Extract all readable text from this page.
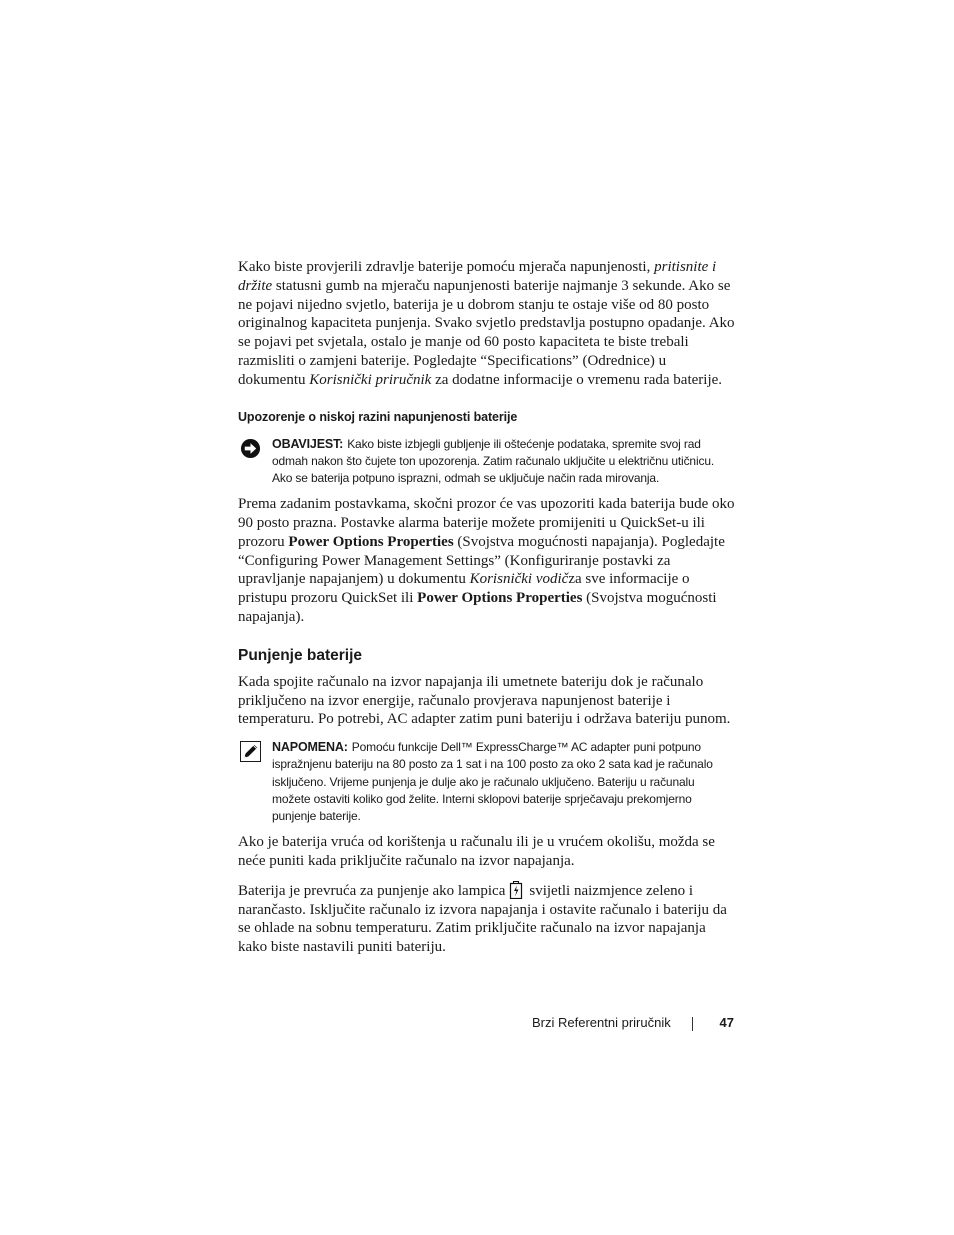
Kako biste provjerili zdravlje baterije pomoću mjerača napunjenosti, pritisnite i držite statusni gumb na mjeraču napunjenosti baterije najmanje 3 sekunde. Ako se ne pojavi nijedno svjetlo, baterija je u dobrom stanju te ostaje više od 80 posto originalnog kapaciteta punjenja. Svako svjetlo predstavlja postupno opadanje. Ako se pojavi pet svjetala, ostalo je manje od 60 posto kapaciteta te biste trebali razmisliti o zamjeni baterije. Pogledajte “Specifications” (Odrednice) u dokumentu Korisnički priručnik za dodatne informacije o vremenu rada baterije.

Upozorenje o niskoj razini napunjenosti baterije
OBAVIJEST: Kako biste izbjegli gubljenje ili oštećenje podataka, spremite svoj rad odmah nakon što čujete ton upozorenja. Zatim računalo uključite u električnu utičnicu. Ako se baterija potpuno isprazni, odmah se uključuje način rada mirovanja.

Prema zadanim postavkama, skočni prozor će vas upozoriti kada baterija bude oko 90 posto prazna. Postavke alarma baterije možete promijeniti u QuickSet-u ili prozoru Power Options Properties (Svojstva mogućnosti napajanja). Pogledajte “Configuring Power Management Settings” (Konfiguriranje postavki za upravljanje napajanjem) u dokumentu Korisnički vodičza sve informacije o pristupu prozoru QuickSet ili Power Options Properties (Svojstva mogućnosti napajanja).

Punjenje baterije

Kada spojite računalo na izvor napajanja ili umetnete bateriju dok je računalo priključeno na izvor energije, računalo provjerava napunjenost baterije i temperaturu. Po potrebi, AC adapter zatim puni bateriju i održava bateriju punom.

NAPOMENA: Pomoću funkcije Dell™ ExpressCharge™ AC adapter puni potpuno ispražnjenu bateriju na 80 posto za 1 sat i na 100 posto za oko 2 sata kad je računalo isključeno. Vrijeme punjenja je dulje ako je računalo uključeno. Bateriju u računalu možete ostaviti koliko god želite. Interni sklopovi baterije sprječavaju prekomjerno punjenje baterije.

Ako je baterija vruća od korištenja u računalu ili je u vrućem okolišu, možda se neće puniti kada priključite računalo na izvor napajanja.

Baterija je prevruća za punjenje ako lampica svijetli naizmjence zeleno i narančasto. Isključite računalo iz izvora napajanja i ostavite računalo i bateriju da se ohlade na sobnu temperaturu. Zatim priključite računalo na izvor napajanja kako biste nastavili puniti bateriju.

Brzi Referentni priručnik	47
